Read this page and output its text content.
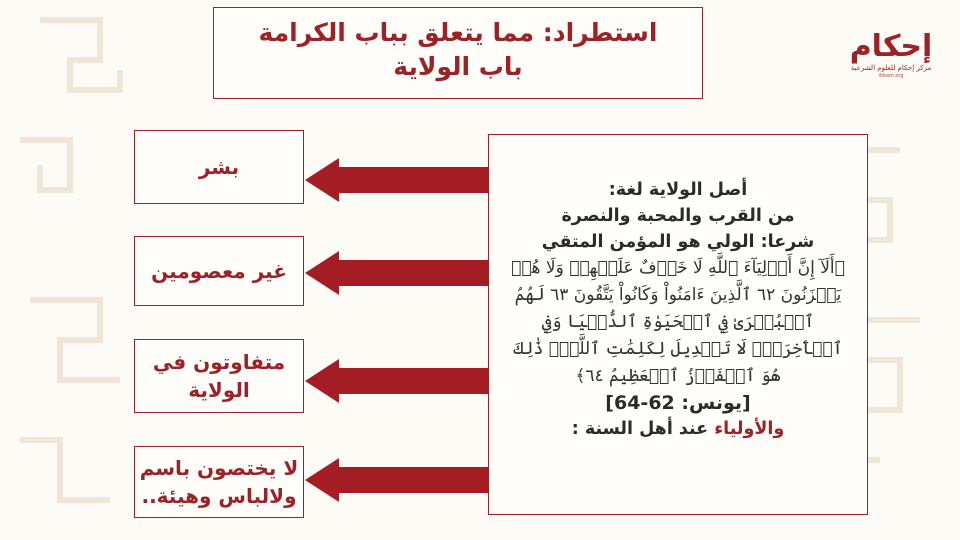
استطراد: مما يتعلق بباب الكرامة
باب الولاية
إحكام
مركز إحكام للعلوم الشرعية
ihkam.org
بشر
غير معصومين
متفاوتون في الولاية
لا يختصون باسم ولالباس وهيئة..
أصل الولاية لغة:
من القرب والمحبة والنصرة
شرعا: الولي هو المؤمن المتقي
﴿أَلَآ إِنَّ أَوۡلِيَآءَ ٱللَّهِ لَا خَوۡفٌ عَلَيۡهِمۡ وَلَا هُمۡ يَحۡزَنُونَ ٦٢ ٱلَّذِينَ ءَامَنُواْ وَكَانُواْ يَتَّقُونَ ٦٣ لَهُمُ ٱلۡبُشۡرَىٰ فِي ٱلۡحَيَوٰةِ ٱلدُّنۡيَا وَفِي ٱلۡأٓخِرَةِۚ لَا تَبۡدِيلَ لِكَلِمَٰتِ ٱللَّهِۚ ذَٰلِكَ هُوَ ٱلۡفَوۡزُ ٱلۡعَظِيمُ ٦٤﴾
[يونس: 62-64]
والأولياء عند أهل السنة :
